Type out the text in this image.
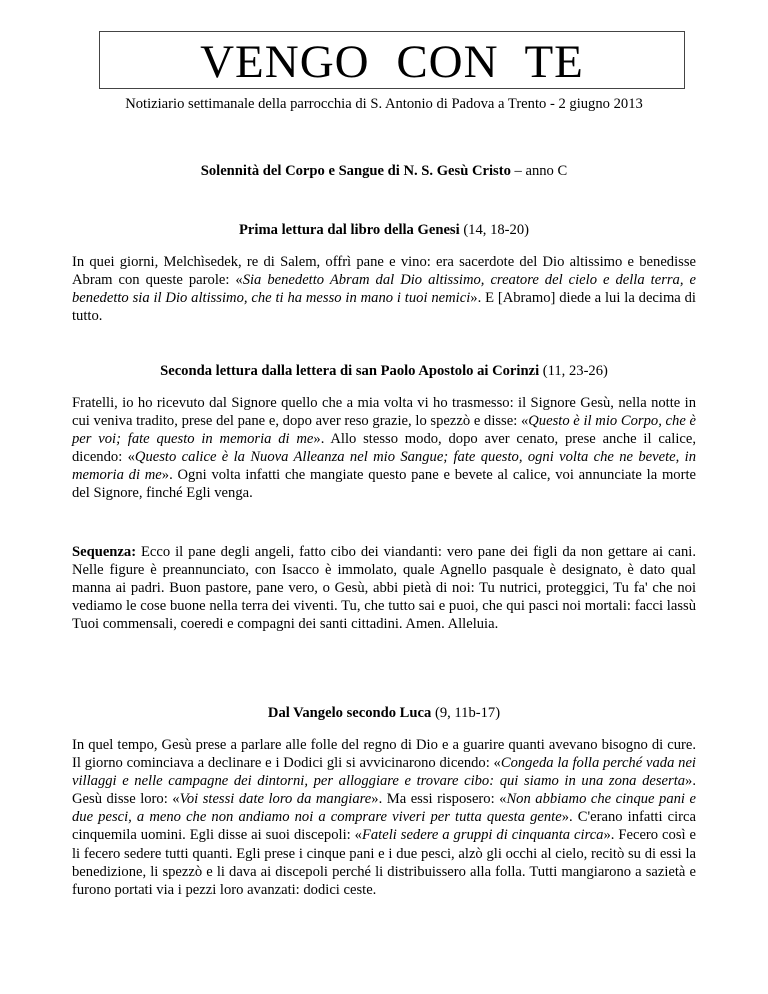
VENGO CON TE
Notiziario settimanale della parrocchia di S. Antonio di Padova a Trento - 2 giugno 2013
Solennità del Corpo e Sangue di N. S. Gesù Cristo – anno C
Prima lettura dal libro della Genesi (14, 18-20)

In quei giorni, Melchìsedek, re di Salem, offrì pane e vino: era sacerdote del Dio altissimo e benedisse Abram con queste parole: «Sia benedetto Abram dal Dio altissimo, creatore del cielo e della terra, e benedetto sia il Dio altissimo, che ti ha messo in mano i tuoi nemici». E [Abramo] diede a lui la decima di tutto.

Seconda lettura dalla lettera di san Paolo Apostolo ai Corinzi (11, 23-26)

Fratelli, io ho ricevuto dal Signore quello che a mia volta vi ho trasmesso: il Signore Gesù, nella notte in cui veniva tradito, prese del pane e, dopo aver reso grazie, lo spezzò e disse: «Questo è il mio Corpo, che è per voi; fate questo in memoria di me». Allo stesso modo, dopo aver cenato, prese anche il calice, dicendo: «Questo calice è la Nuova Alleanza nel mio Sangue; fate questo, ogni volta che ne bevete, in memoria di me». Ogni volta infatti che mangiate questo pane e bevete al calice, voi annunciate la morte del Signore, finché Egli venga.

Sequenza: Ecco il pane degli angeli, fatto cibo dei viandanti: vero pane dei figli da non gettare ai cani. Nelle figure è preannunciato, con Isacco è immolato, quale Agnello pasquale è designato, è dato qual manna ai padri. Buon pastore, pane vero, o Gesù, abbi pietà di noi: Tu nutrici, proteggici, Tu fa' che noi vediamo le cose buone nella terra dei viventi. Tu, che tutto sai e puoi, che qui pasci noi mortali: facci lassù Tuoi commensali, coeredi e compagni dei santi cittadini. Amen. Alleluia.

Dal Vangelo secondo Luca (9, 11b-17)

In quel tempo, Gesù prese a parlare alle folle del regno di Dio e a guarire quanti avevano bisogno di cure. Il giorno cominciava a declinare e i Dodici gli si avvicinarono dicendo: «Congeda la folla perché vada nei villaggi e nelle campagne dei dintorni, per alloggiare e trovare cibo: qui siamo in una zona deserta». Gesù disse loro: «Voi stessi date loro da mangiare». Ma essi risposero: «Non abbiamo che cinque pani e due pesci, a meno che non andiamo noi a comprare viveri per tutta questa gente». C'erano infatti circa cinquemila uomini. Egli disse ai suoi discepoli: «Fateli sedere a gruppi di cinquanta circa». Fecero così e li fecero sedere tutti quanti. Egli prese i cinque pani e i due pesci, alzò gli occhi al cielo, recitò su di essi la benedizione, li spezzò e li dava ai discepoli perché li distribuissero alla folla. Tutti mangiarono a sazietà e furono portati via i pezzi loro avanzati: dodici ceste.
